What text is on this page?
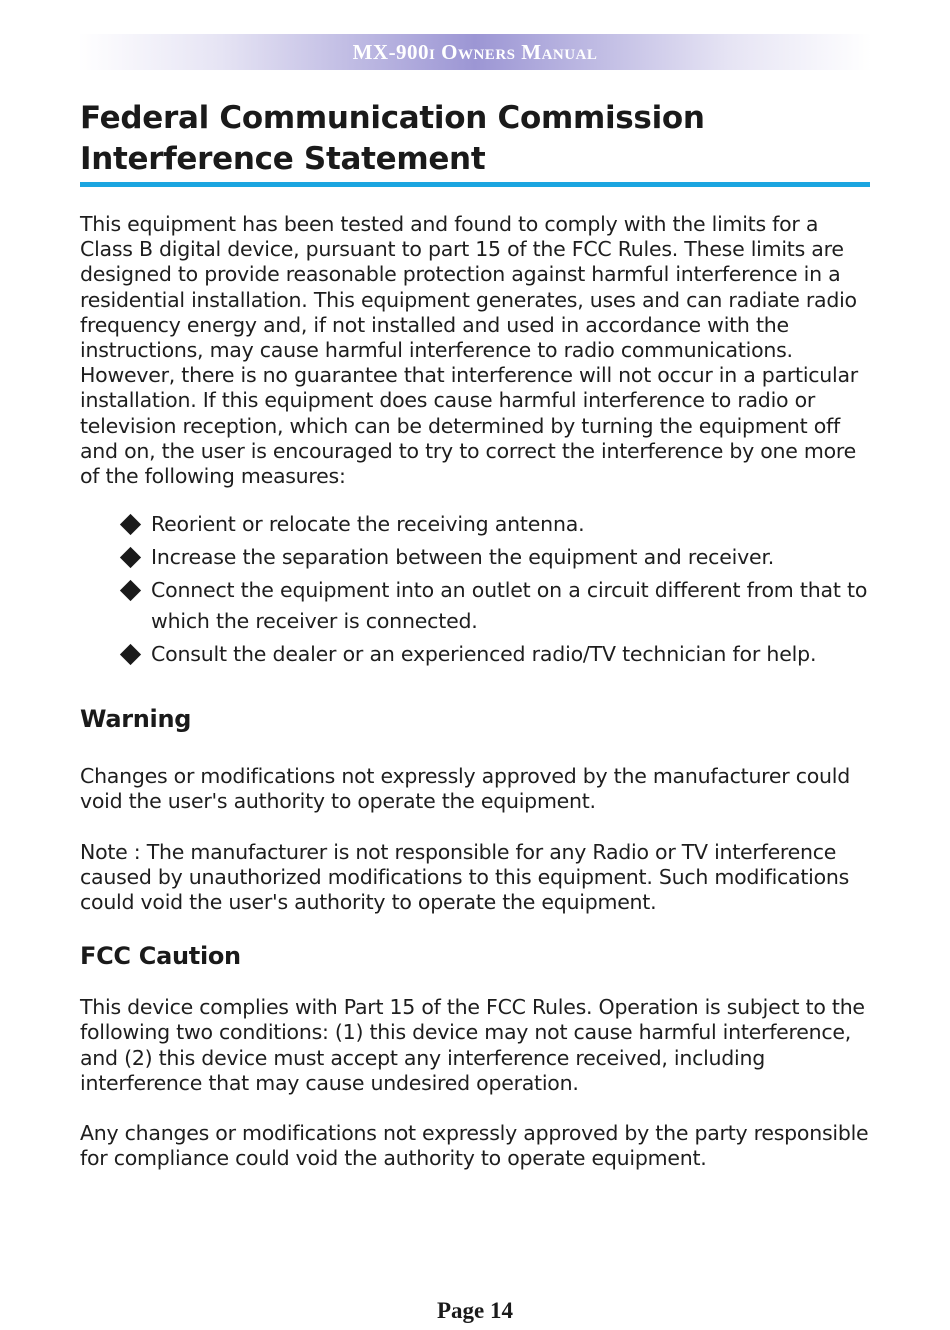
MX-900i Owners Manual
Federal Communication Commission
Interference Statement

This equipment has been tested and found to comply with the limits for a Class B digital device, pursuant to part 15 of the FCC Rules. These limits are designed to provide reasonable protection against harmful interference in a residential installation. This equipment generates, uses and can radiate radio frequency energy and, if not installed and used in accordance with the instructions, may cause harmful interference to radio communications. However, there is no guarantee that interference will not occur in a particular installation. If this equipment does cause harmful interference to radio or television reception, which can be determined by turning the equipment off and on, the user is encouraged to try to correct the interference by one more of the following measures:

Reorient or relocate the receiving antenna.
Increase the separation between the equipment and receiver.
Connect the equipment into an outlet on a circuit different from that to which the receiver is connected.
Consult the dealer or an experienced radio/TV technician for help.
Warning

Changes or modifications not expressly approved by the manufacturer could void the user's authority to operate the equipment.

Note : The manufacturer is not responsible for any Radio or TV interference caused by unauthorized modifications to this equipment. Such modifications could void the user's authority to operate the equipment.

FCC Caution

This device complies with Part 15 of the FCC Rules. Operation is subject to the following two conditions: (1) this device may not cause harmful interference, and (2) this device must accept any interference received, including interference that may cause undesired operation.

Any changes or modifications not expressly approved by the party responsible for compliance could void the authority to operate equipment.

Page 14
